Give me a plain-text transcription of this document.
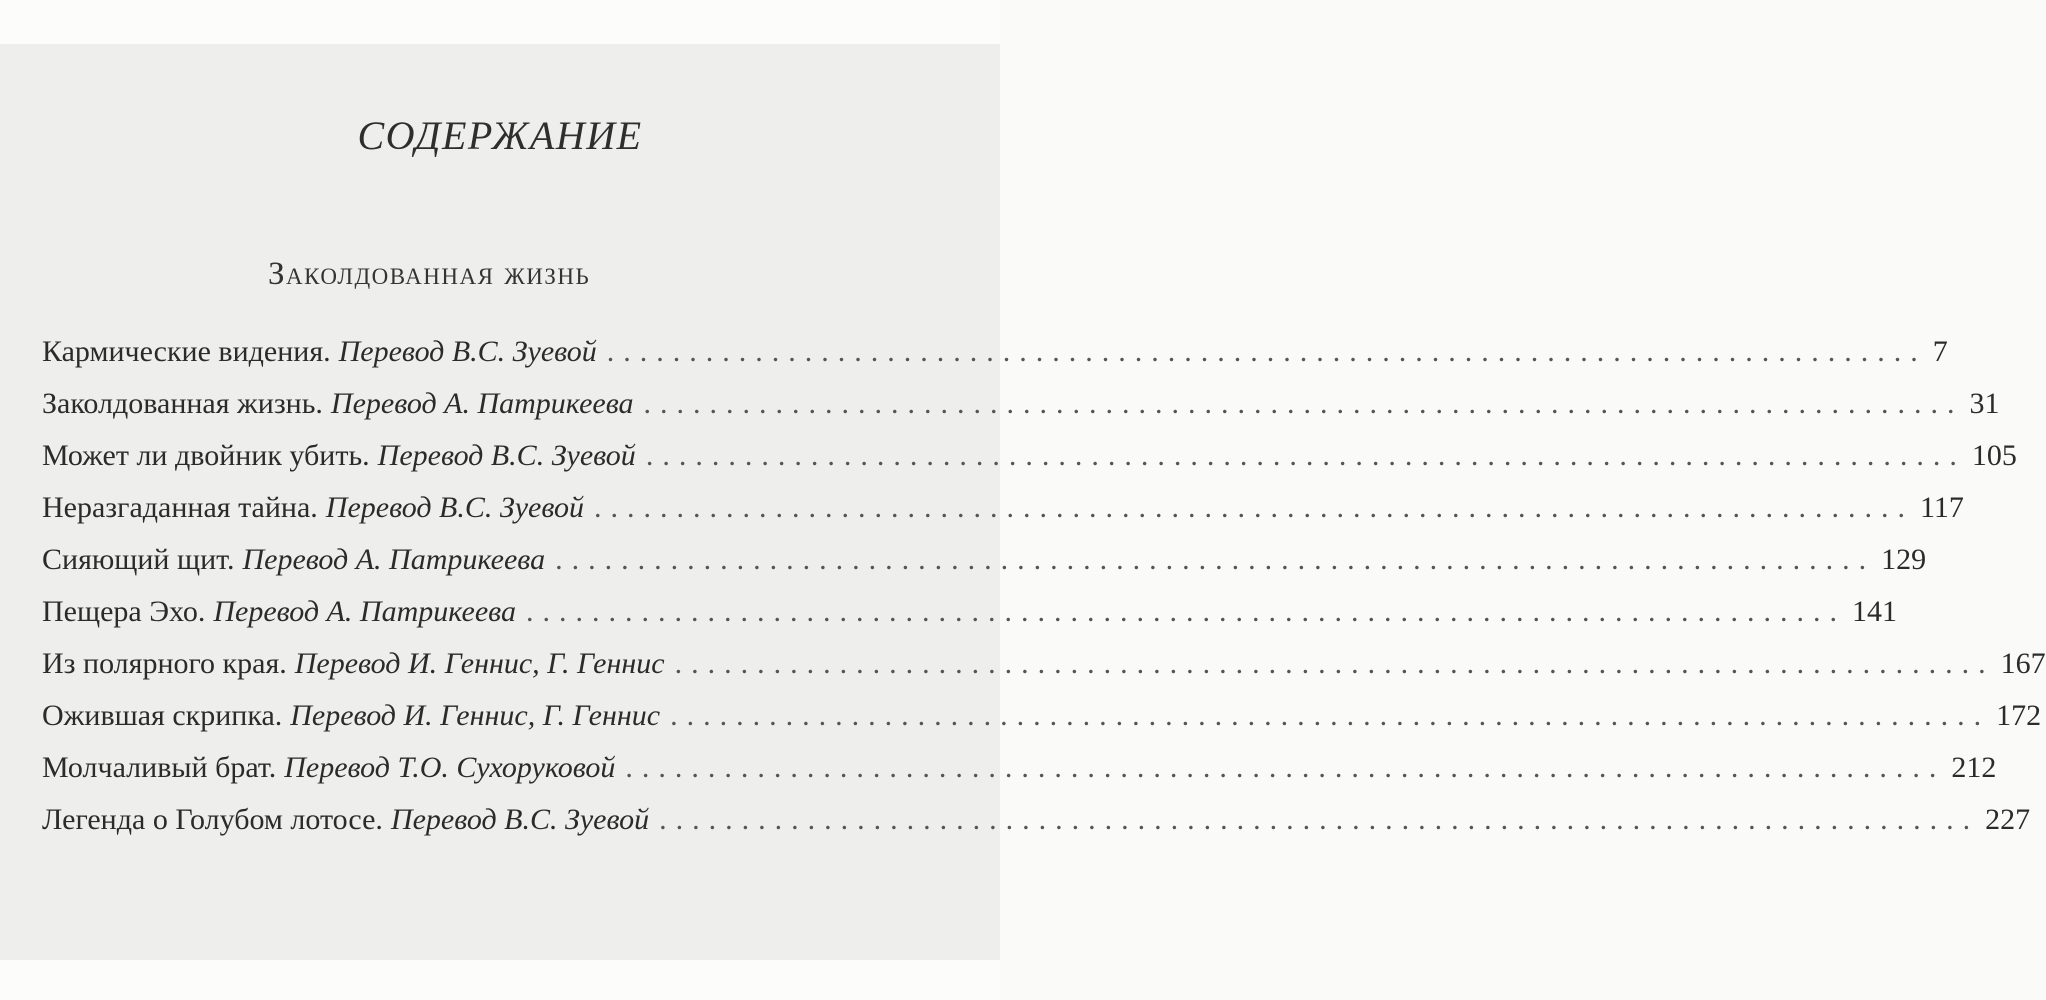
СОДЕРЖАНИЕ
Заколдованная жизнь
Кармические видения. Перевод В.С. Зуевой ................................................................................ 7
Заколдованная жизнь. Перевод А. Патрикеева ................................................................................ 31
Может ли двойник убить. Перевод В.С. Зуевой ................................................................................ 105
Неразгаданная тайна. Перевод В.С. Зуевой ................................................................................ 117
Сияющий щит. Перевод А. Патрикеева ................................................................................ 129
Пещера Эхо. Перевод А. Патрикеева ................................................................................ 141
Из полярного края. Перевод И. Геннис, Г. Геннис ................................................................................ 167
Ожившая скрипка. Перевод И. Геннис, Г. Геннис ................................................................................ 172
Молчаливый брат. Перевод Т.О. Сухоруковой ................................................................................ 212
Легенда о Голубом лотосе. Перевод В.С. Зуевой ................................................................................ 227
